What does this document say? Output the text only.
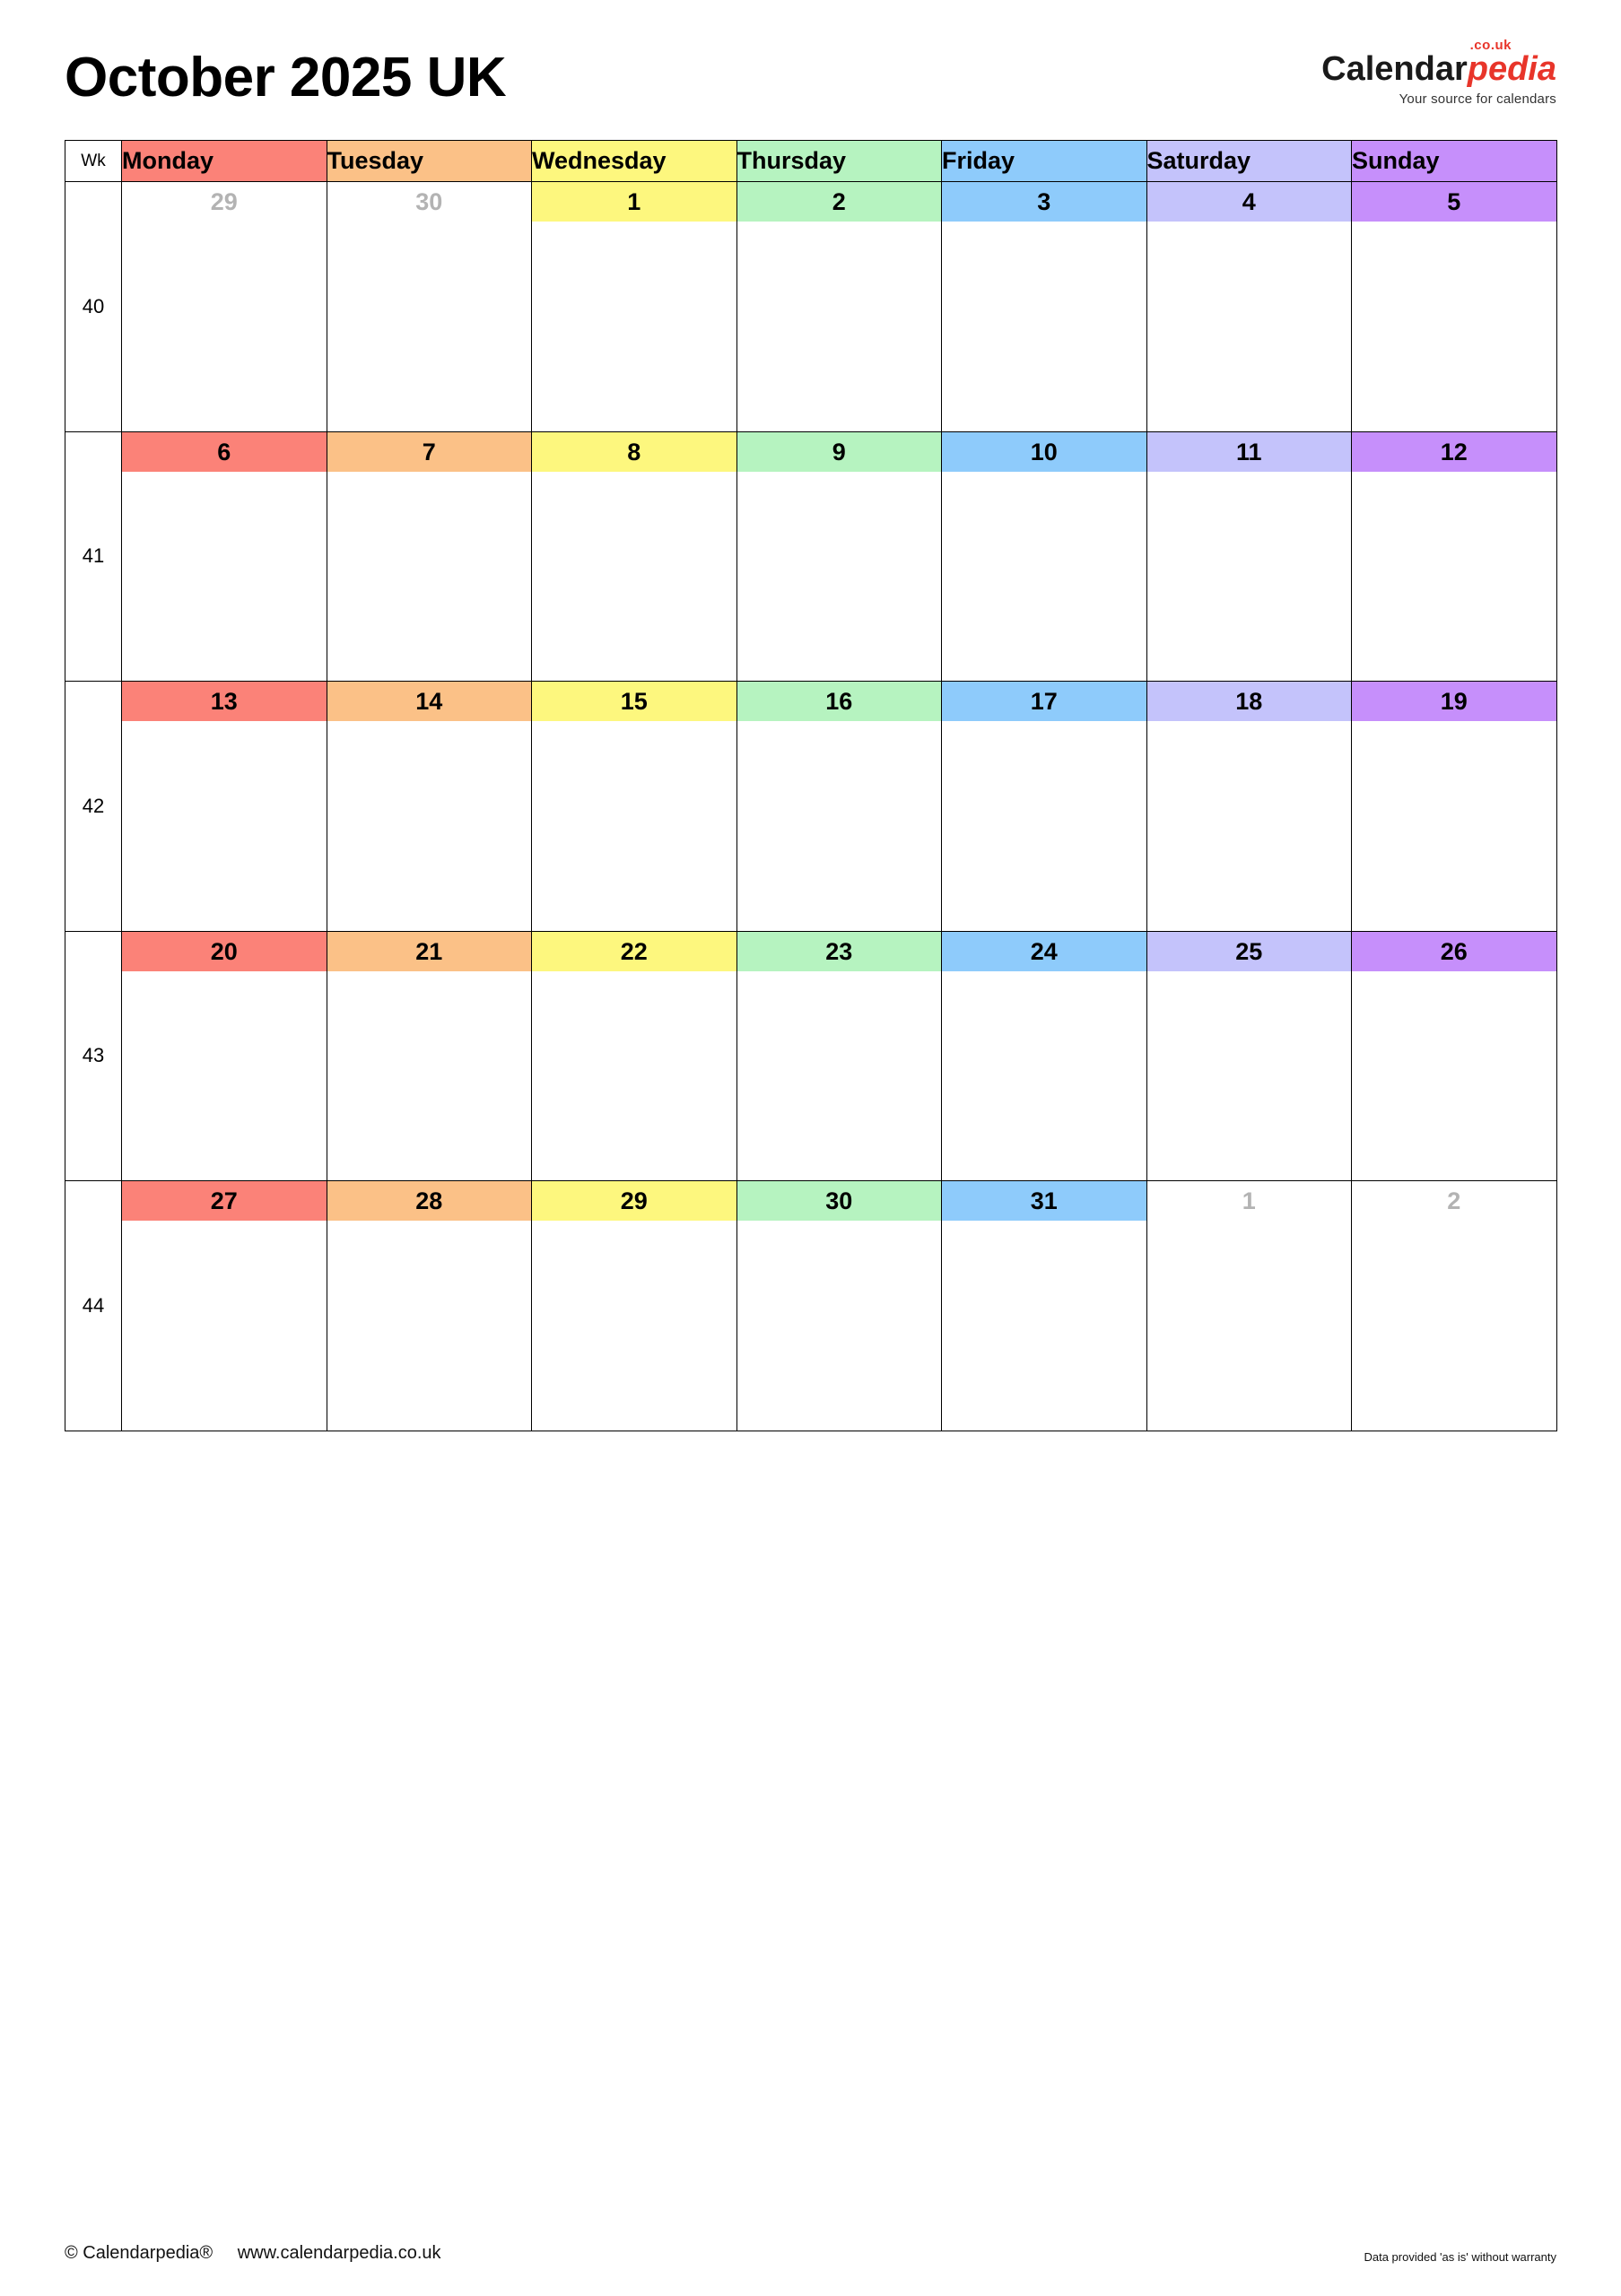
October 2025 UK
.co.uk
Calendarpedia
Your source for calendars
Wk	Monday	Tuesday	Wednesday	Thursday	Friday	Saturday	Sunday
40	29	30	1	2	3	4	5

41	6	7	8	9	10	11	12

42	13	14	15	16	17	18	19

43	20	21	22	23	24	25	26

44	27	28	29	30	31	1	2

© Calendarpedia® www.calendarpedia.co.uk	Data provided 'as is' without warranty
